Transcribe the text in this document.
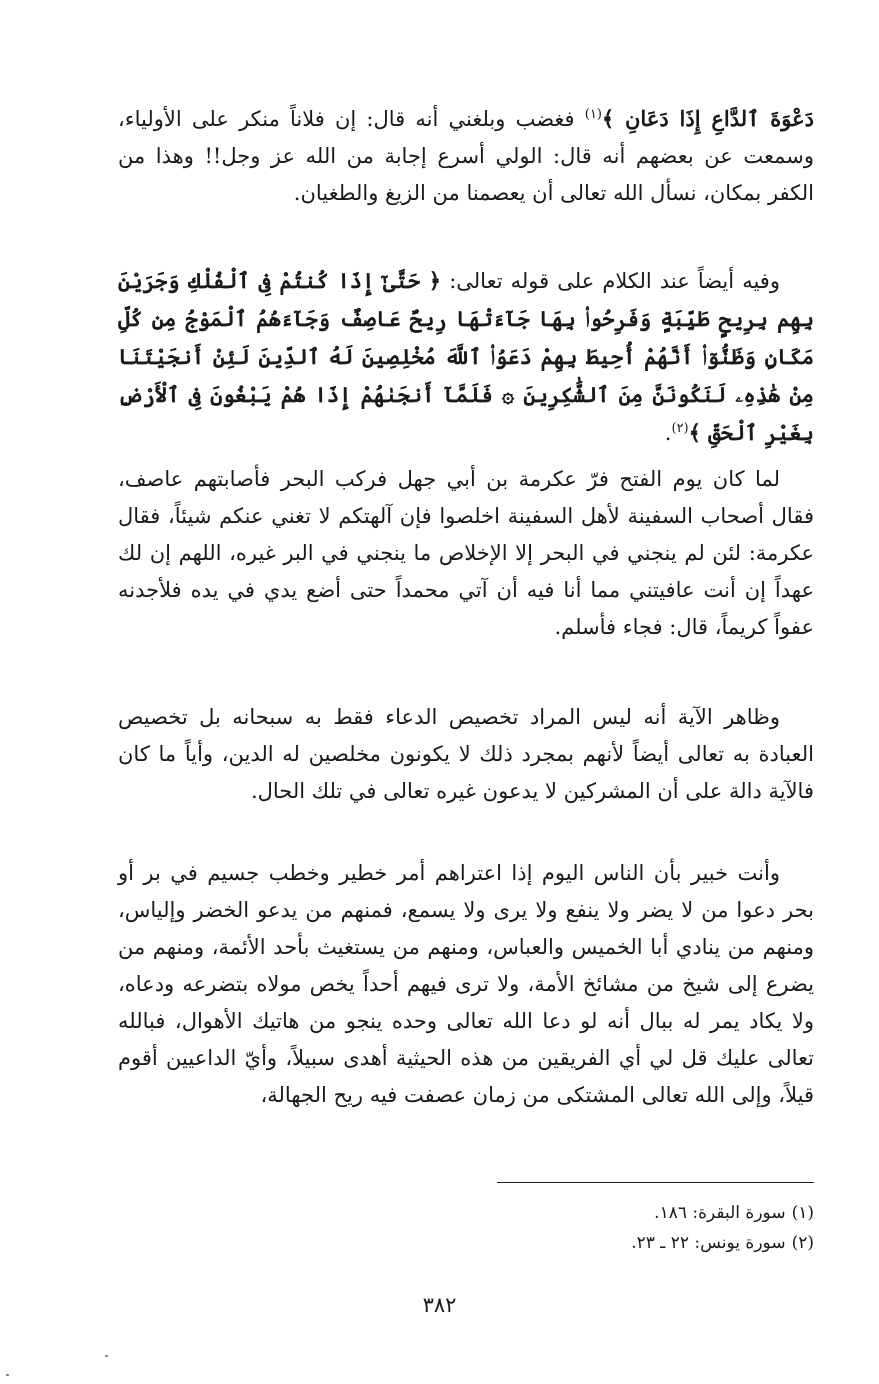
دَعْوَةَ ٱلدَّاعِ إِذَا دَعَانِ ﴾$^{(١)}$ فغضب وبلغني أنه قال: إن فلاناً منكر على الأولياء، وسمعت عن بعضهم أنه قال: الولي أسرع إجابة من الله عز وجل!! وهذا من الكفر بمكان، نسأل الله تعالى أن يعصمنا من الزيغ والطغيان.

وفيه أيضاً عند الكلام على قوله تعالى: ﴿ حَتَّىٰٓ إِذَا كُنتُمْ فِى ٱلْفُلْكِ وَجَرَيْنَ بِهِم بِرِيحٍ طَيِّبَةٍ وَفَرِحُوا۟ بِهَا جَآءَتْهَا رِيحٌ عَاصِفٌ وَجَآءَهُمُ ٱلْمَوْجُ مِن كُلِّ مَكَانٍ وَظَنُّوٓا۟ أَنَّهُمْ أُحِيطَ بِهِمْ دَعَوُا۟ ٱللَّهَ مُخْلِصِينَ لَهُ ٱلدِّينَ لَئِنْ أَنجَيْتَنَا مِنْ هَٰذِهِۦ لَنَكُونَنَّ مِنَ ٱلشَّٰكِرِينَ ۞ فَلَمَّآ أَنجَىٰهُمْ إِذَا هُمْ يَبْغُونَ فِى ٱلْأَرْضِ بِغَيْرِ ٱلْحَقِّ ﴾$^{(٢)}$.

لما كان يوم الفتح فرّ عكرمة بن أبي جهل فركب البحر فأصابتهم عاصف، فقال أصحاب السفينة لأهل السفينة اخلصوا فإن آلهتكم لا تغني عنكم شيئاً، فقال عكرمة: لئن لم ينجني في البحر إلا الإخلاص ما ينجني في البر غيره، اللهم إن لك عهداً إن أنت عافيتني مما أنا فيه أن آتي محمداً حتى أضع يدي في يده فلأجدنه عفواً كريماً، قال: فجاء فأسلم.

وظاهر الآية أنه ليس المراد تخصيص الدعاء فقط به سبحانه بل تخصيص العبادة به تعالى أيضاً لأنهم بمجرد ذلك لا يكونون مخلصين له الدين، وأياً ما كان فالآية دالة على أن المشركين لا يدعون غيره تعالى في تلك الحال.

وأنت خبير بأن الناس اليوم إذا اعتراهم أمر خطير وخطب جسيم في بر أو بحر دعوا من لا يضر ولا ينفع ولا يرى ولا يسمع، فمنهم من يدعو الخضر وإلياس، ومنهم من ينادي أبا الخميس والعباس، ومنهم من يستغيث بأحد الأئمة، ومنهم من يضرع إلى شيخ من مشائخ الأمة، ولا ترى فيهم أحداً يخص مولاه بتضرعه ودعاه، ولا يكاد يمر له ببال أنه لو دعا الله تعالى وحده ينجو من هاتيك الأهوال، فبالله تعالى عليك قل لي أي الفريقين من هذه الحيثية أهدى سبيلاً، وأيّ الداعيين أقوم قيلاً، وإلى الله تعالى المشتكى من زمان عصفت فيه ريح الجهالة،

(١)سورة البقرة: ١٨٦.

(٢)سورة يونس: ٢٢ ـ ٢٣.

٣٨٢
